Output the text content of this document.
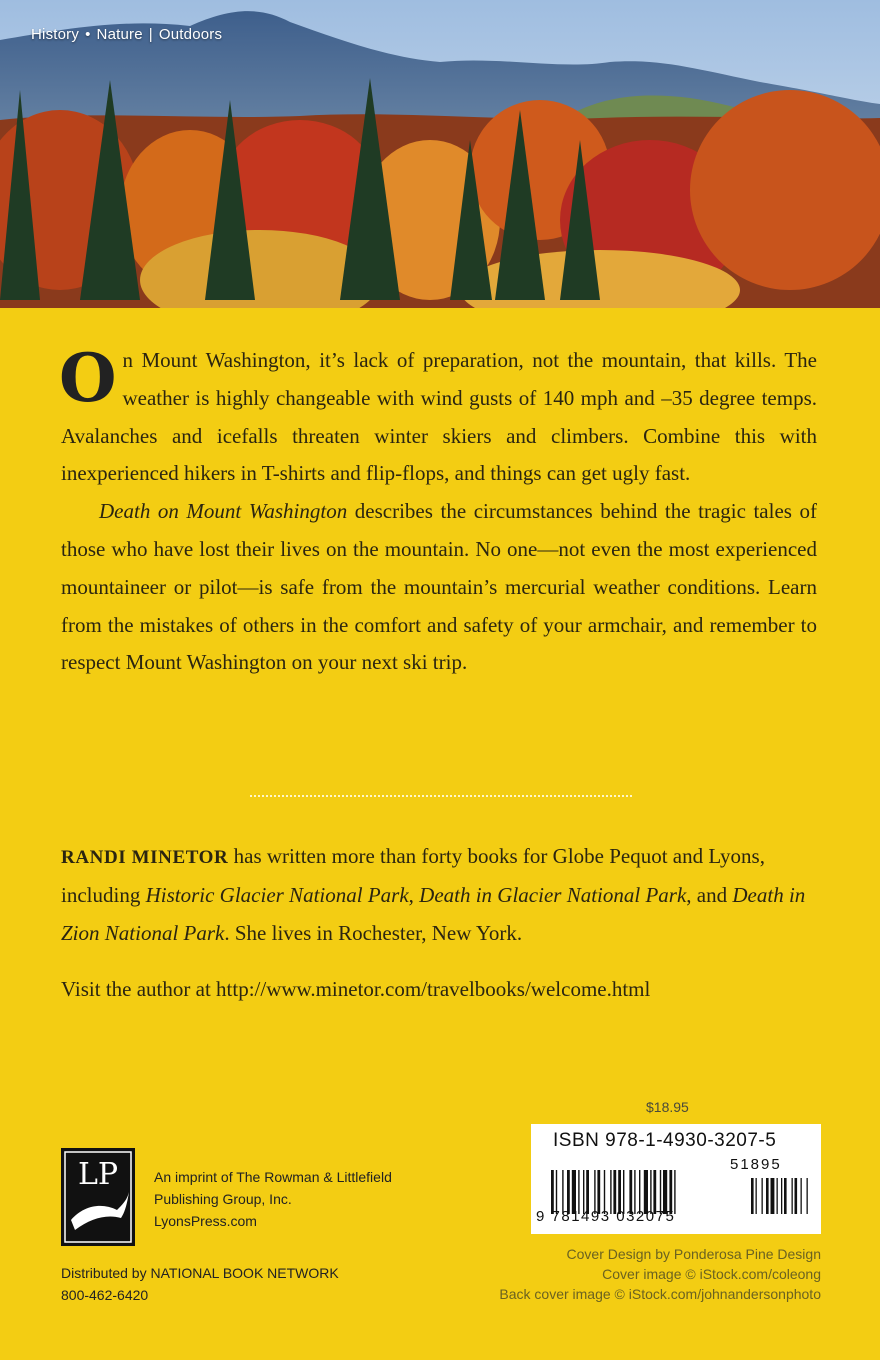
History • Nature | Outdoors

On Mount Washington, it’s lack of preparation, not the mountain, that kills. The weather is highly changeable with wind gusts of 140 mph and –35 degree temps. Avalanches and icefalls threaten winter skiers and climbers. Combine this with inexperienced hikers in T-shirts and flip-flops, and things can get ugly fast.

Death on Mount Washington describes the circumstances behind the tragic tales of those who have lost their lives on the mountain. No one—not even the most experienced mountaineer or pilot—is safe from the mountain’s mercurial weather conditions. Learn from the mistakes of others in the comfort and safety of your armchair, and remember to respect Mount Washington on your next ski trip.

RANDI MINETOR has written more than forty books for Globe Pequot and Lyons, including Historic Glacier National Park, Death in Glacier National Park, and Death in Zion National Park. She lives in Rochester, New York.

Visit the author at http://www.minetor.com/travelbooks/welcome.html

$18.95
ISBN 978-1-4930-3207-5
51895
9 781493 032075
LP	An imprint of The Rowman & Littlefield
Publishing Group, Inc.
LyonsPress.com
Distributed by NATIONAL BOOK NETWORK
800-462-6420
Cover Design by Ponderosa Pine Design
Cover image © iStock.com/coleong
Back cover image © iStock.com/johnandersonphoto
